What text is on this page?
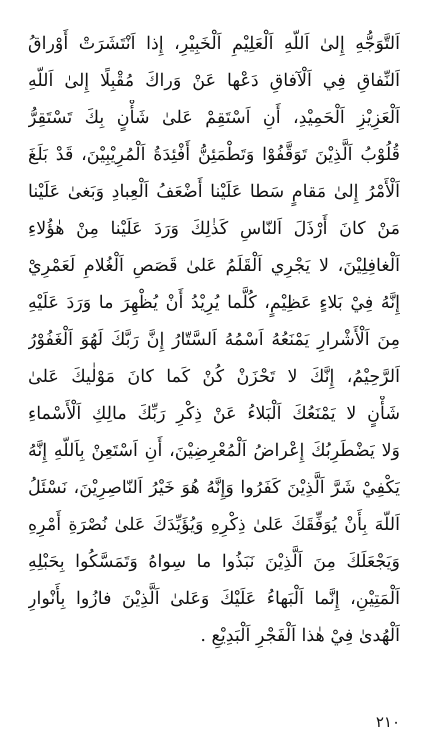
اَلتَّوَجُّهِ إِلىٰ اَللّهِ اَلْعَلِيْمِ اَلْخَبِيْرِ، إِذا اَنْتَشَرَتْ أَوْراقُ
اَلنِّفاقِ فِي اَلْآفاقِ دَعْها عَنْ وَراكَ مُقْبِلًا إِلىٰ اَللّهِ
اَلْعَزِيْزِ اَلْحَمِيْدِ، أَنِ اَسْتَقِمْ عَلىٰ شَأْنٍ بِكَ تَسْتَقِرُّ
قُلُوْبُ اَلَّذِيْنَ تَوَقَّفُوْا وَتَطْمَئِنُّ أَفْئِدَةُ اَلْمُرِيْبِيْنَ، قَدْ بَلَغَ
اَلْأَمْرُ إِلىٰ مَقامٍ سَطا عَلَيْنا أَضْعَفُ اَلْعِبادِ وَبَغىٰ عَلَيْنا
مَنْ كانَ أَرْذَلَ اَلنّاسِ كَذٰلِكَ وَرَدَ عَلَيْنا مِنْ هٰؤُلاءِ
اَلْغافِلِيْنَ، لا يَجْرِي اَلْقَلَمُ عَلىٰ قَصَصِ اَلْغُلامِ لَعَمْرِيْ
إِنَّهُ فِيْ بَلاءٍ عَظِيْمٍ، كُلَّما يُرِيْدُ أَنْ يُظْهِرَ ما وَرَدَ عَلَيْهِ
مِنَ اَلْأَشْرارِ يَمْنَعُهُ اَسْمُهُ اَلسَّتّارُ إِنَّ رَبَّكَ لَهُوَ اَلْغَفُوْرُ
اَلرَّحِيْمُ، إِنَّكَ لا تَحْزَنْ كُنْ كَما كانَ مَوْلٰيكَ عَلىٰ
شَأْنٍ لا يَمْنَعُكَ اَلْبَلاءُ عَنْ ذِكْرِ رَبِّكَ مالِكِ اَلْأَسْماءِ
وَلا يَضْطَرِبُكَ إِعْراضُ اَلْمُعْرِضِيْنَ، أَنِ اَسْتَعِنْ بِاَللّهِ إِنَّهُ
يَكْفِيْ شَرَّ اَلَّذِيْنَ كَفَرُوا وَإِنَّهُ هُوَ خَيْرُ اَلنّاصِرِيْنَ، نَسْئَلُ
اَللّهَ بِأَنْ يُوَفِّقَكَ عَلىٰ ذِكْرِهِ وَيُؤَيِّدَكَ عَلىٰ نُصْرَةِ أَمْرِهِ
وَيَجْعَلَكَ مِنَ اَلَّذِيْنَ نَبَذُوا ما سِواهُ وَتَمَسَّكُوا بِحَبْلِهِ
اَلْمَتِيْنِ، إِنَّما اَلْبَهاءُ عَلَيْكَ وَعَلىٰ اَلَّذِيْنَ فازُوا بِأَنْوارِ
اَلْهُدىٰ فِيْ هٰذا اَلْفَجْرِ اَلْبَدِيْعِ .
٢١٠
